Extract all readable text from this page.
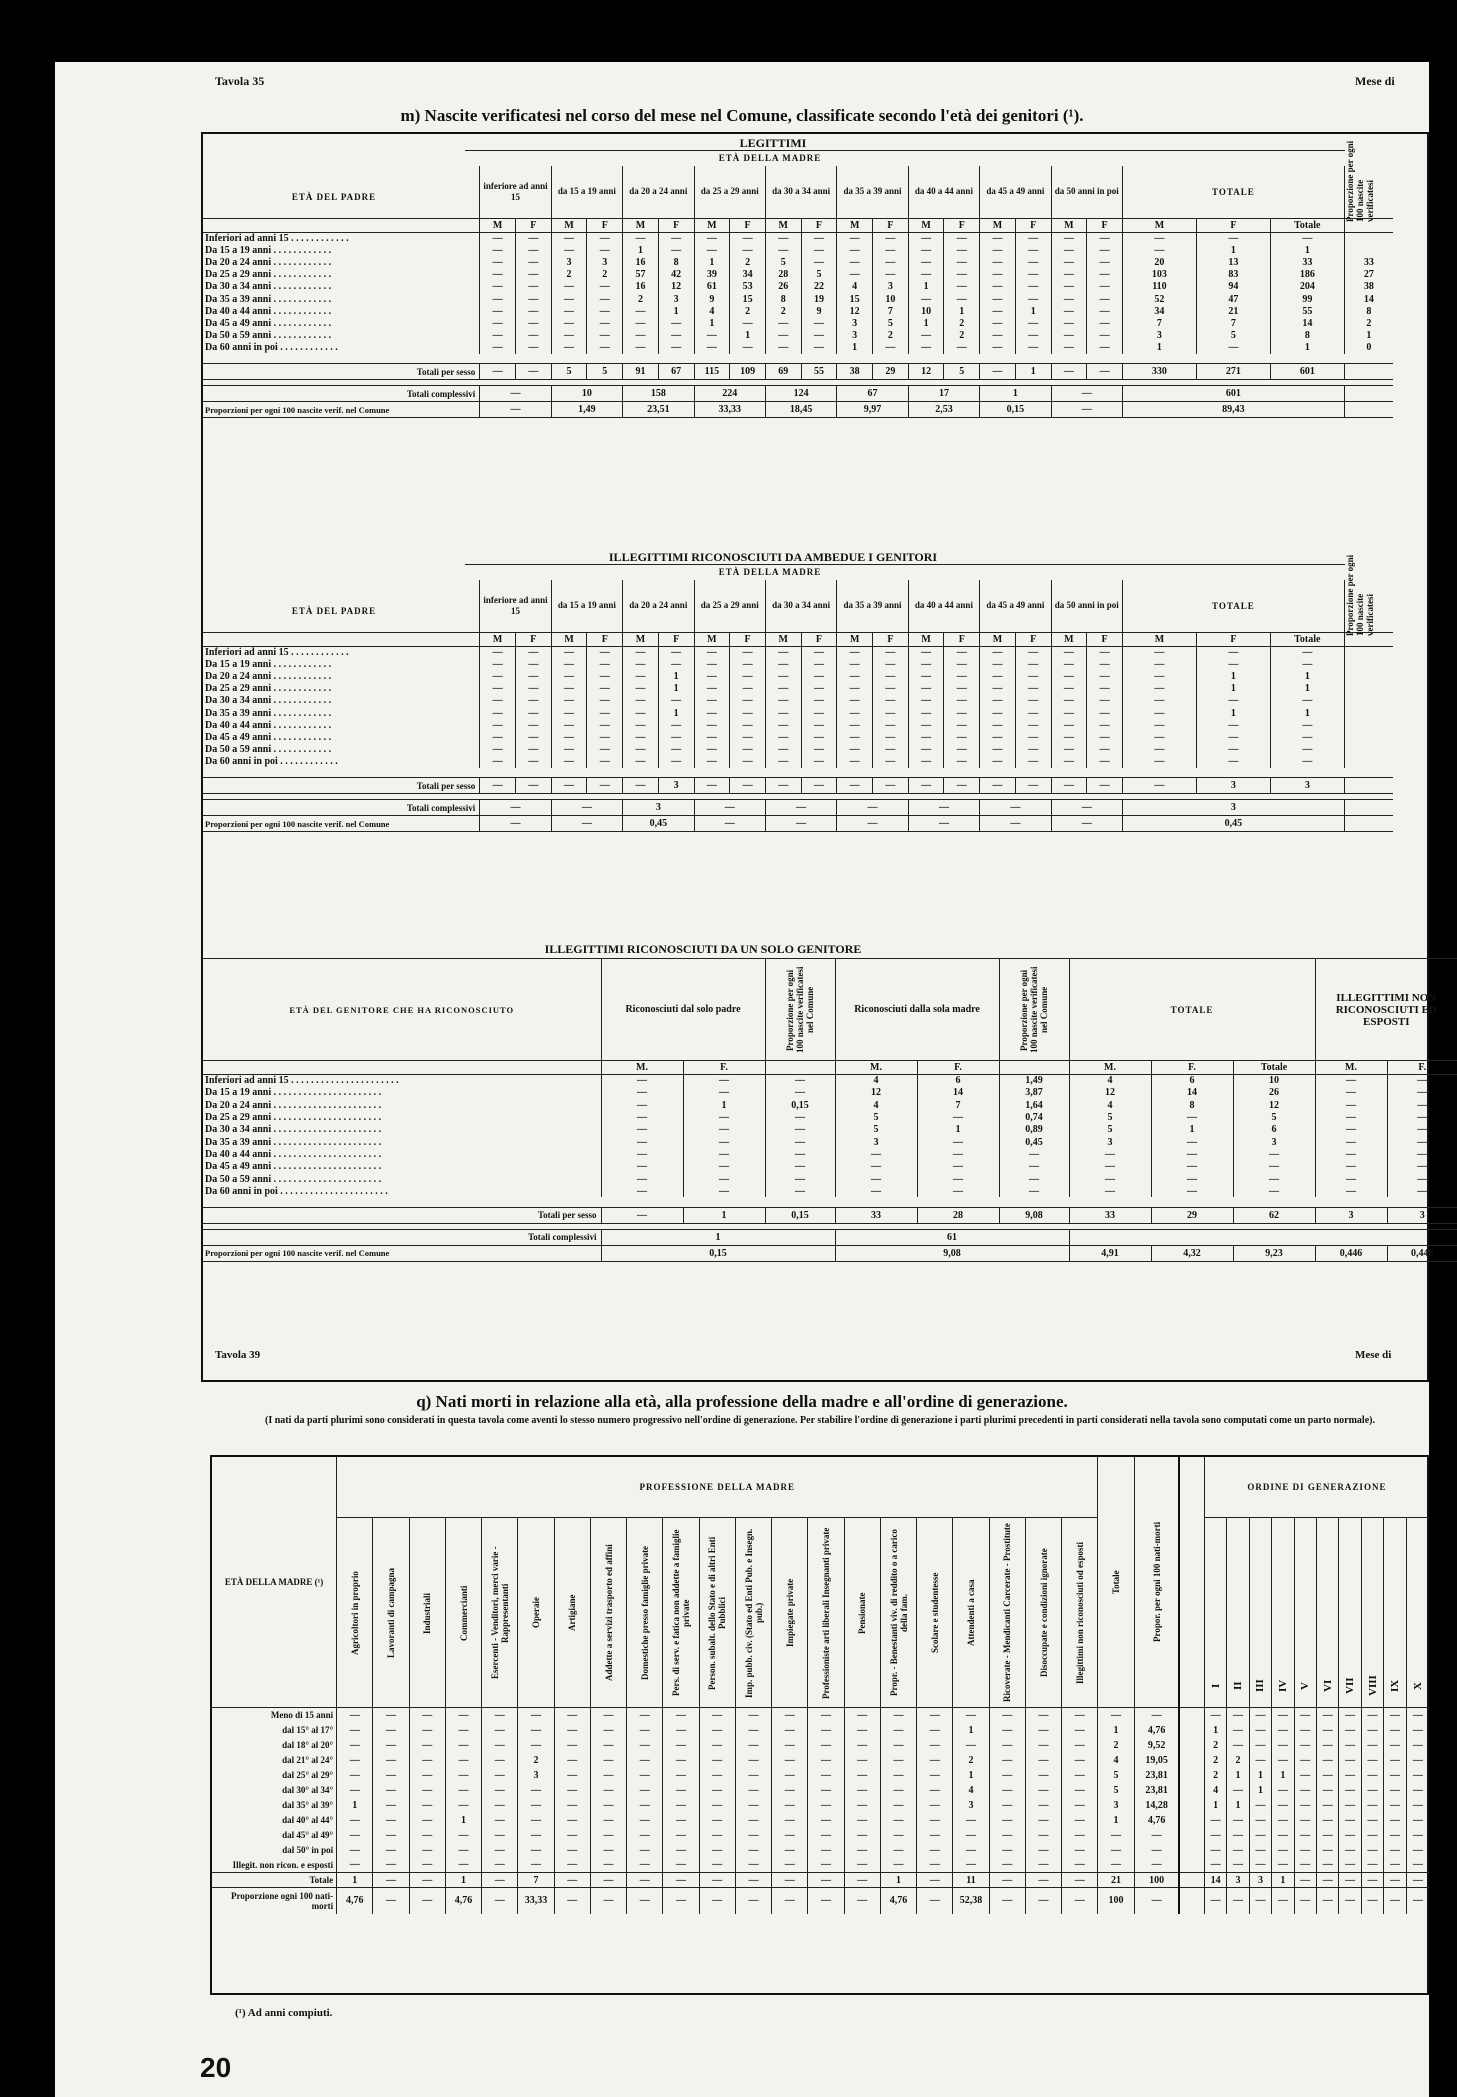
Tavola 35	Mese di
m) Nascite verificatesi nel corso del mese nel Comune, classificate secondo l'età dei genitori (¹).
LEGITTIMI
ETÀ DELLA MADRE
ETÀ DEL PADRE	Proporzione per ogni 100 nascite verificatesi
	inferiore ad anni 15		da 15 a 19 anni		da 20 a 24 anni		da 25 a 29 anni		da 30 a 34 anni		da 35 a 39 anni		da 40 a 44 anni		da 45 a 49 anni		da 50 anni in poi		TOTALE			
	M	F	M	F	M	F	M	F	M	F	M	F	M	F	M	F	M	F	M	F	Totale	
Inferiori ad anni 15 . . . . . . . . . . . .	—	—	—	—	—	—	—	—	—	—	—	—	—	—	—	—	—	—	—	—	—	
Da 15 a 19 anni . . . . . . . . . . . .	—	—	—	—	1	—	—	—	—	—	—	—	—	—	—	—	—	—	—	1	1	
Da 20 a 24 anni . . . . . . . . . . . .	—	—	3	3	16	8	1	2	5	—	—	—	—	—	—	—	—	—	20	13	33	33
Da 25 a 29 anni . . . . . . . . . . . .	—	—	2	2	57	42	39	34	28	5	—	—	—	—	—	—	—	—	103	83	186	27
Da 30 a 34 anni . . . . . . . . . . . .	—	—	—	—	16	12	61	53	26	22	4	3	1	—	—	—	—	—	110	94	204	38
Da 35 a 39 anni . . . . . . . . . . . .	—	—	—	—	2	3	9	15	8	19	15	10	—	—	—	—	—	—	52	47	99	14
Da 40 a 44 anni . . . . . . . . . . . .	—	—	—	—	—	1	4	2	2	9	12	7	10	1	—	1	—	—	34	21	55	8
Da 45 a 49 anni . . . . . . . . . . . .	—	—	—	—	—	—	1	—	—	—	3	5	1	2	—	—	—	—	7	7	14	2
Da 50 a 59 anni . . . . . . . . . . . .	—	—	—	—	—	—	—	1	—	—	3	2	—	2	—	—	—	—	3	5	8	1
Da 60 anni in poi . . . . . . . . . . . .	—	—	—	—	—	—	—	—	—	—	1	—	—	—	—	—	—	—	1	—	1	0

Totali per sesso	—	—	5	5	91	67	115	109	69	55	38	29	12	5	—	1	—	—	330	271	601	

Totali complessivi	—		10		158		224		124		67		17		1		—		601			
Proporzioni per ogni 100 nascite verif. nel Comune	—		1,49		23,51		33,33		18,45		9,97		2,53		0,15		—		89,43			
ILLEGITTIMI RICONOSCIUTI DA AMBEDUE I GENITORI
ETÀ DELLA MADRE
ETÀ DEL PADRE	Proporzione per ogni 100 nascite verificatesi
	inferiore ad anni 15		da 15 a 19 anni		da 20 a 24 anni		da 25 a 29 anni		da 30 a 34 anni		da 35 a 39 anni		da 40 a 44 anni		da 45 a 49 anni		da 50 anni in poi		TOTALE			
	M	F	M	F	M	F	M	F	M	F	M	F	M	F	M	F	M	F	M	F	Totale	
Inferiori ad anni 15 . . . . . . . . . . . .	—	—	—	—	—	—	—	—	—	—	—	—	—	—	—	—	—	—	—	—	—	
Da 15 a 19 anni . . . . . . . . . . . .	—	—	—	—	—	—	—	—	—	—	—	—	—	—	—	—	—	—	—	—	—	
Da 20 a 24 anni . . . . . . . . . . . .	—	—	—	—	—	1	—	—	—	—	—	—	—	—	—	—	—	—	—	1	1	
Da 25 a 29 anni . . . . . . . . . . . .	—	—	—	—	—	1	—	—	—	—	—	—	—	—	—	—	—	—	—	1	1	
Da 30 a 34 anni . . . . . . . . . . . .	—	—	—	—	—	—	—	—	—	—	—	—	—	—	—	—	—	—	—	—	—	
Da 35 a 39 anni . . . . . . . . . . . .	—	—	—	—	—	1	—	—	—	—	—	—	—	—	—	—	—	—	—	1	1	
Da 40 a 44 anni . . . . . . . . . . . .	—	—	—	—	—	—	—	—	—	—	—	—	—	—	—	—	—	—	—	—	—	
Da 45 a 49 anni . . . . . . . . . . . .	—	—	—	—	—	—	—	—	—	—	—	—	—	—	—	—	—	—	—	—	—	
Da 50 a 59 anni . . . . . . . . . . . .	—	—	—	—	—	—	—	—	—	—	—	—	—	—	—	—	—	—	—	—	—	
Da 60 anni in poi . . . . . . . . . . . .	—	—	—	—	—	—	—	—	—	—	—	—	—	—	—	—	—	—	—	—	—	

Totali per sesso	—	—	—	—	—	3	—	—	—	—	—	—	—	—	—	—	—	—	—	3	3	

Totali complessivi	—		—		3		—		—		—		—		—		—		3			
Proporzioni per ogni 100 nascite verif. nel Comune	—		—		0,45		—		—		—		—		—		—		0,45			
ILLEGITTIMI RICONOSCIUTI DA UN SOLO GENITORE
ETÀ DEL GENITORE CHE HA RICONOSCIUTO	Riconosciuti dal solo padre		Proporzione per ogni 100 nascite verificatesi nel Comune	Riconosciuti dalla sola madre		Proporzione per ogni 100 nascite verificatesi nel Comune	TOTALE			ILLEGITTIMI NON RICONOSCIUTI ED ESPOSTI	
	M.	F.		M.	F.		M.	F.	Totale	M.	F.
Inferiori ad anni 15 . . . . . . . . . . . . . . . . . . . . . .	—	—	—	4	6	1,49	4	6	10	—	—
Da 15 a 19 anni . . . . . . . . . . . . . . . . . . . . . .	—	—	—	12	14	3,87	12	14	26	—	—
Da 20 a 24 anni . . . . . . . . . . . . . . . . . . . . . .	—	1	0,15	4	7	1,64	4	8	12	—	—
Da 25 a 29 anni . . . . . . . . . . . . . . . . . . . . . .	—	—	—	5	—	0,74	5	—	5	—	—
Da 30 a 34 anni . . . . . . . . . . . . . . . . . . . . . .	—	—	—	5	1	0,89	5	1	6	—	—
Da 35 a 39 anni . . . . . . . . . . . . . . . . . . . . . .	—	—	—	3	—	0,45	3	—	3	—	—
Da 40 a 44 anni . . . . . . . . . . . . . . . . . . . . . .	—	—	—	—	—	—	—	—	—	—	—
Da 45 a 49 anni . . . . . . . . . . . . . . . . . . . . . .	—	—	—	—	—	—	—	—	—	—	—
Da 50 a 59 anni . . . . . . . . . . . . . . . . . . . . . .	—	—	—	—	—	—	—	—	—	—	—
Da 60 anni in poi . . . . . . . . . . . . . . . . . . . . . .	—	—	—	—	—	—	—	—	—	—	—

Totali per sesso	—	1	0,15	33	28	9,08	33	29	62	3	3

Totali complessivi	1			61							
Proporzioni per ogni 100 nascite verif. nel Comune	0,15			9,08			4,91	4,32	9,23	0,446	0,446
Tavola 39	Mese di
q) Nati morti in relazione alla età, alla professione della madre e all'ordine di generazione.
(I nati da parti plurimi sono considerati in questa tavola come aventi lo stesso numero progressivo nell'ordine di generazione. Per stabilire l'ordine di generazione i parti plurimi precedenti in parti considerati nella tavola sono computati come un parto normale).
ETÀ DELLA MADRE (¹)	PROFESSIONE DELLA MADRE																					Totale	Propor. per ogni 100 nati-morti		ORDINE DI GENERAZIONE									

	Agricoltori in proprio	Lavoranti di campagna	Industriali	Commercianti	Esercenti - Venditori, merci varie - Rappresentanti	Operaie	Artigiane	Addette a servizi trasporto ed affini	Domestiche presso famiglie private	Pers. di serv. e fatica non addette a famiglie private	Person. subalt. dello Stato e di altri Enti Pubblici	Imp. pubb. civ. (Stato ed Enti Pub. e Insegn. pub.)	Impiegate private	Professioniste arti liberali Insegnanti private	Pensionate	Propr. - Benestanti viv. di reddito o a carico della fam.	Scolare e studentesse	Attendenti a casa	Ricoverate - Mendicanti Carcerate - Prostitute	Disoccupate e condizioni ignorate	Illegittimi non riconosciuti od esposti				I	II	III	IV	V	VI	VII	VIII	IX	X

Meno di 15 anni	—	—	—	—	—	—	—	—	—	—	—	—	—	—	—	—	—	—	—	—	—	—	—		—	—	—	—	—	—	—	—	—	—
dal 15° al 17°	—	—	—	—	—	—	—	—	—	—	—	—	—	—	—	—	—	1	—	—	—	1	4,76		1	—	—	—	—	—	—	—	—	—
dal 18° al 20°	—	—	—	—	—	—	—	—	—	—	—	—	—	—	—	—	—	—	—	—	—	2	9,52		2	—	—	—	—	—	—	—	—	—
dal 21° al 24°	—	—	—	—	—	2	—	—	—	—	—	—	—	—	—	—	—	2	—	—	—	4	19,05		2	2	—	—	—	—	—	—	—	—
dal 25° al 29°	—	—	—	—	—	3	—	—	—	—	—	—	—	—	—	—	—	1	—	—	—	5	23,81		2	1	1	1	—	—	—	—	—	—
dal 30° al 34°	—	—	—	—	—	—	—	—	—	—	—	—	—	—	—	—	—	4	—	—	—	5	23,81		4	—	1	—	—	—	—	—	—	—
dal 35° al 39°	1	—	—	—	—	—	—	—	—	—	—	—	—	—	—	—	—	3	—	—	—	3	14,28		1	1	—	—	—	—	—	—	—	—
dal 40° al 44°	—	—	—	1	—	—	—	—	—	—	—	—	—	—	—	—	—	—	—	—	—	1	4,76		—	—	—	—	—	—	—	—	—	—
dal 45° al 49°	—	—	—	—	—	—	—	—	—	—	—	—	—	—	—	—	—	—	—	—	—	—	—		—	—	—	—	—	—	—	—	—	—
dal 50° in poi	—	—	—	—	—	—	—	—	—	—	—	—	—	—	—	—	—	—	—	—	—	—	—		—	—	—	—	—	—	—	—	—	—
Illegit. non ricon. e esposti	—	—	—	—	—	—	—	—	—	—	—	—	—	—	—	—	—	—	—	—	—	—	—		—	—	—	—	—	—	—	—	—	—
Totale	1	—	—	1	—	7	—	—	—	—	—	—	—	—	—	1	—	11	—	—	—	21	100		14	3	3	1	—	—	—	—	—	—
Proporzione ogni 100 nati-morti	4,76	—	—	4,76	—	33,33	—	—	—	—	—	—	—	—	—	4,76	—	52,38	—	—	—	100	—		—	—	—	—	—	—	—	—	—	—
(¹) Ad anni compiuti.
20
